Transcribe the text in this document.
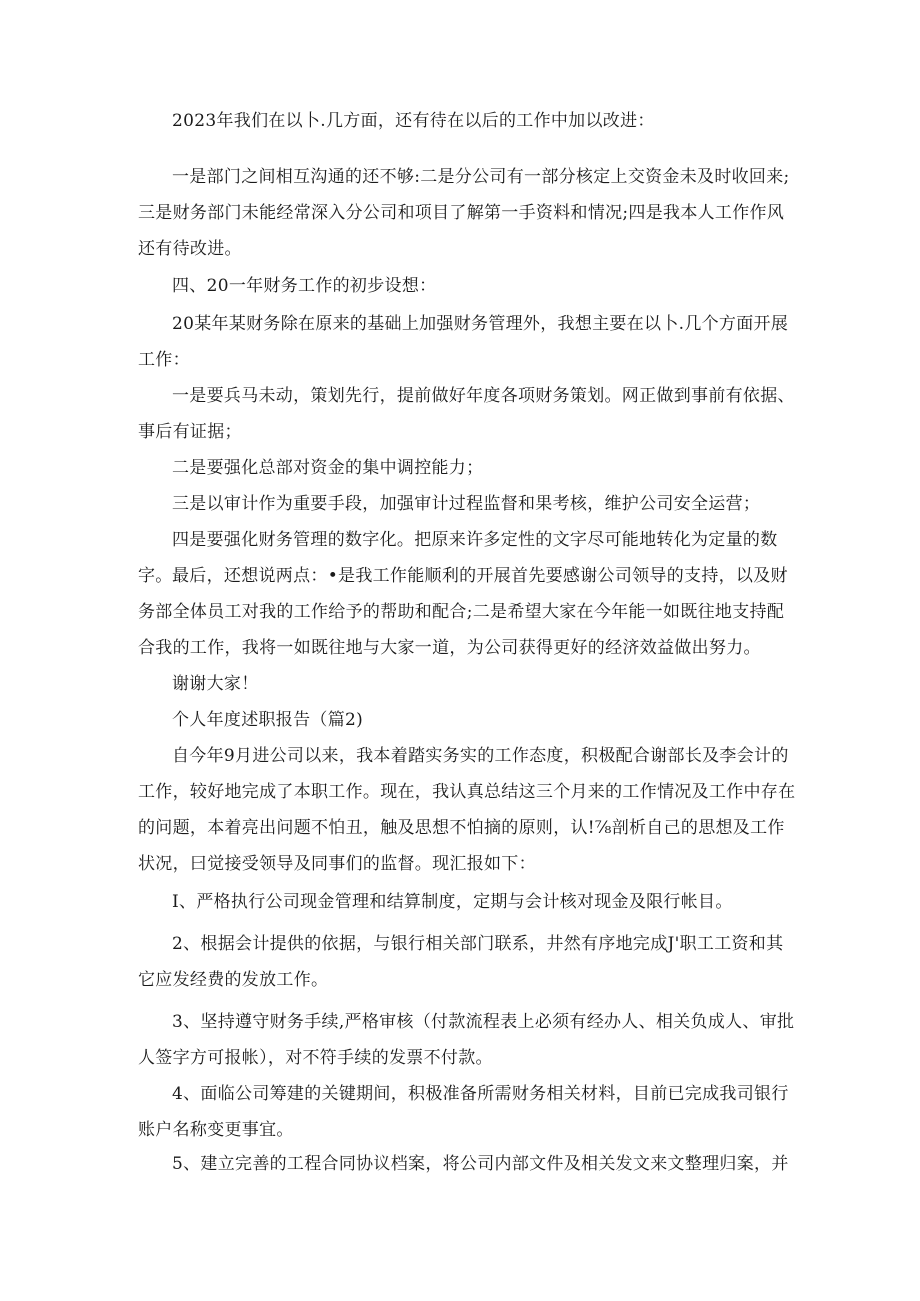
2023年我们在以卜.几方面，还有待在以后的工作中加以改进：

一是部门之间相互沟通的还不够:二是分公司有一部分核定上交资金未及时收回来;三是财务部门未能经常深入分公司和项目了解第一手资料和情况;四是我本人工作作风还有待改进。

四、20一年财务工作的初步设想：

20某年某财务除在原来的基础上加强财务管理外，我想主要在以卜.几个方面开展工作：

一是要兵马未动，策划先行，提前做好年度各项财务策划。网正做到事前有依据、事后有证据；

二是要强化总部对资金的集中调控能力；

三是以审计作为重要手段，加强审计过程监督和果考核，维护公司安全运营；

四是要强化财务管理的数字化。把原来许多定性的文字尽可能地转化为定量的数字。 最后，还想说两点：•是我工作能顺利的开展首先要感谢公司领导的支持，以及财务部全体员工对我的工作给予的帮助和配合;二是希望大家在今年能一如既往地支持配合我的工作，我将一如既往地与大家一道，为公司获得更好的经济效益做出努力。

谢谢大家！

个人年度述职报告（篇2)

自今年9月进公司以来，我本着踏实务实的工作态度，积极配合谢部长及李会计的工作，较好地完成了本职工作。现在，我认真总结这三个月来的工作情况及工作中存在的问题，本着亮出问题不怕丑，触及思想不怕摘的原则，认!⅞剖析自己的思想及工作状况，曰觉接受领导及同事们的监督。现汇报如下：

I、严格执行公司现金管理和结算制度，定期与会计核对现金及限行帐目。

2、根据会计提供的依据，与银行相关部门联系，井然有序地完成J'职工工资和其它应发经费的发放工作。

3、坚持遵守财务手续,严格审核（付款流程表上必须有经办人、相关负成人、审批人签字方可报帐），对不符手续的发票不付款。

4、面临公司筹建的关键期间，积极准备所需财务相关材料，目前已完成我司银行账户名称变更事宜。

5、建立完善的工程合同协议档案，将公司内部文件及相关发文来文整理归案，并
